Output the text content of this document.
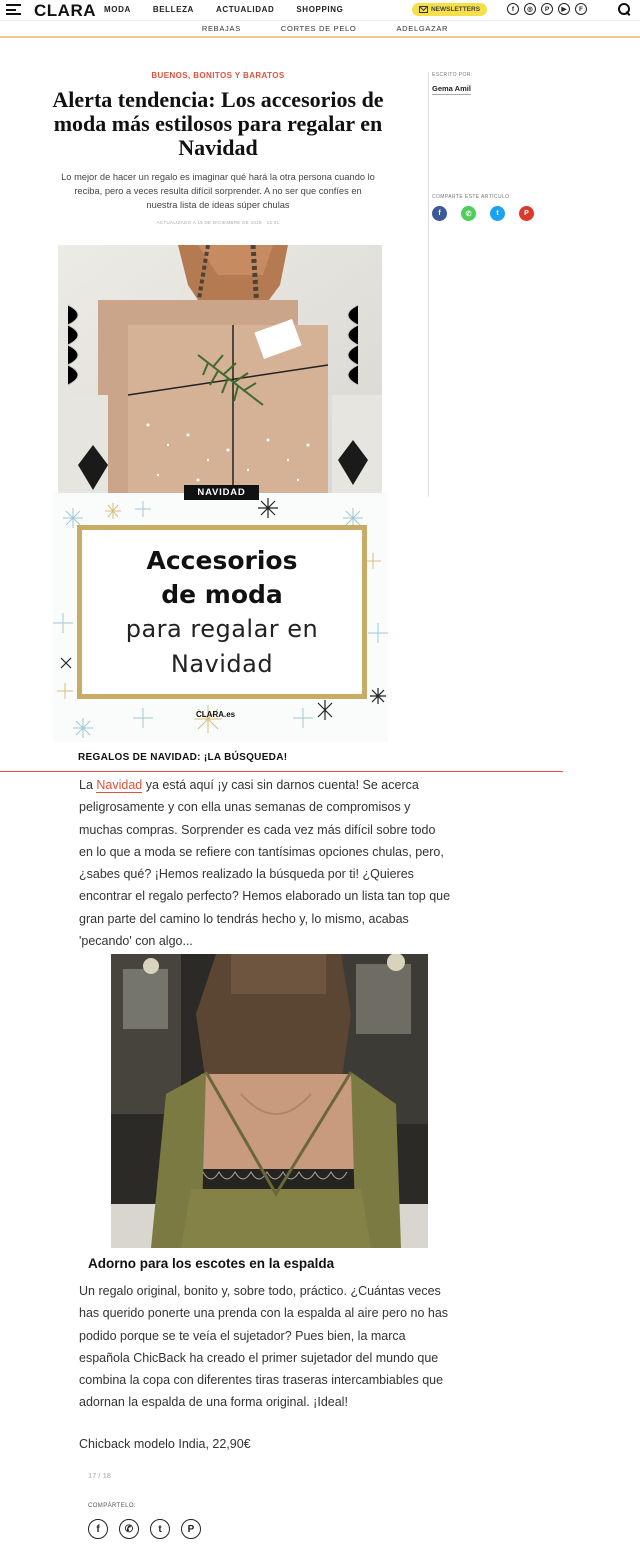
CLARA MODA	BELLEZA	ACTUALIDAD	SHOPPING	NEWSLETTERS	f	◎	P	▶	F
REBAJAS	CORTES DE PELO	ADELGAZAR
BUENOS, BONITOS Y BARATOS
Alerta tendencia: Los accesorios de moda más estilosos para regalar en Navidad

Lo mejor de hacer un regalo es imaginar qué hará la otra persona cuando lo reciba, pero a veces resulta difícil sorprender. A no ser que confíes en nuestra lista de ideas súper chulas

ACTUALIZADO A 15 DE DICIEMBRE DE 2018 · 13:01
ESCRITO POR:
Gema Amil
COMPARTE ESTE ARTÍCULO:
f	✆	t	P
Accesorios
de moda
para regalar en
Navidad
NAVIDAD
CLARA.es
REGALOS DE NAVIDAD: ¡LA BÚSQUEDA!

La Navidad ya está aquí ¡y casi sin darnos cuenta! Se acerca peligrosamente y con ella unas semanas de compromisos y muchas compras. Sorprender es cada vez más difícil sobre todo en lo que a moda se refiere con tantísimas opciones chulas, pero, ¿sabes qué? ¡Hemos realizado la búsqueda por ti! ¿Quieres encontrar el regalo perfecto? Hemos elaborado un lista tan top que gran parte del camino lo tendrás hecho y, lo mismo, acabas 'pecando' con algo...

Adorno para los escotes en la espalda

Un regalo original, bonito y, sobre todo, práctico. ¿Cuántas veces has querido ponerte una prenda con la espalda al aire pero no has podido porque se te veía el sujetador? Pues bien, la marca española ChicBack ha creado el primer sujetador del mundo que combina la copa con diferentes tiras traseras intercambiables que adornan la espalda de una forma original. ¡Ideal!

Chicback modelo India, 22,90€

17 / 18
COMPÁRTELO:
f	✆	t	P
